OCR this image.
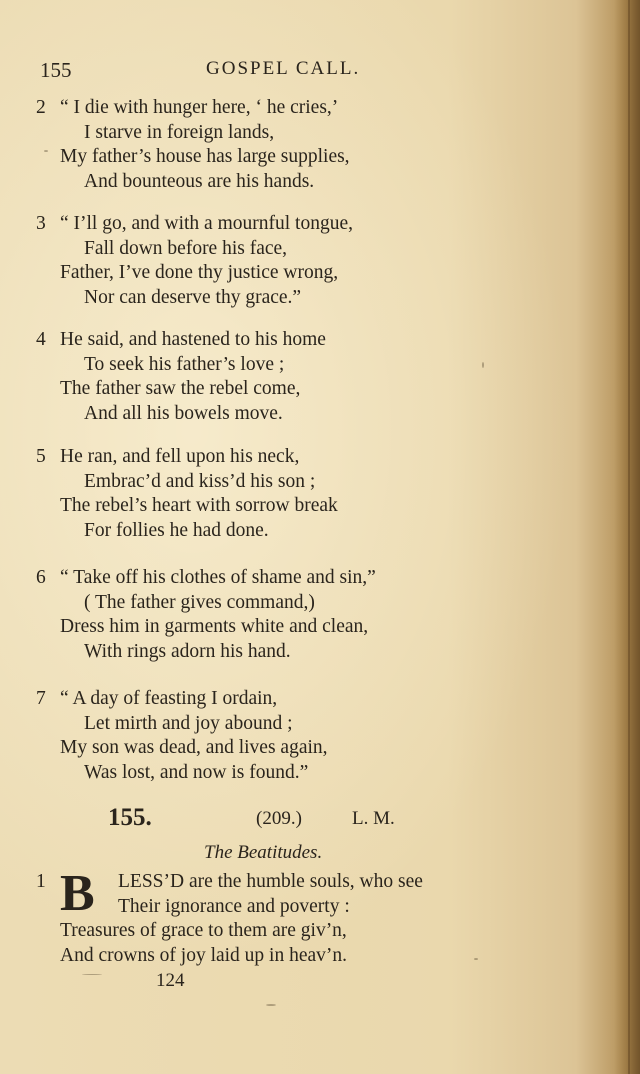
155	GOSPEL CALL.
2 “ I die with hunger here, ‘ he cries,’
I starve in foreign lands,
My father’s house has large supplies,
And bounteous are his hands.
3 “ I’ll go, and with a mournful tongue,
Fall down before his face,
Father, I’ve done thy justice wrong,
Nor can deserve thy grace.”
4 He said, and hastened to his home
To seek his father’s love ;
The father saw the rebel come,
And all his bowels move.
5 He ran, and fell upon his neck,
Embrac’d and kiss’d his son ;
The rebel’s heart with sorrow break
For follies he had done.
6 “ Take off his clothes of shame and sin,”
( The father gives command,)
Dress him in garments white and clean,
With rings adorn his hand.
7 “ A day of feasting I ordain,
Let mirth and joy abound ;
My son was dead, and lives again,
Was lost, and now is found.”
155.	(209.)	L. M.
The Beatitudes.
1 B LESS’D are the humble souls, who see
Their ignorance and poverty :
Treasures of grace to them are giv’n,
And crowns of joy laid up in heav’n.
124
